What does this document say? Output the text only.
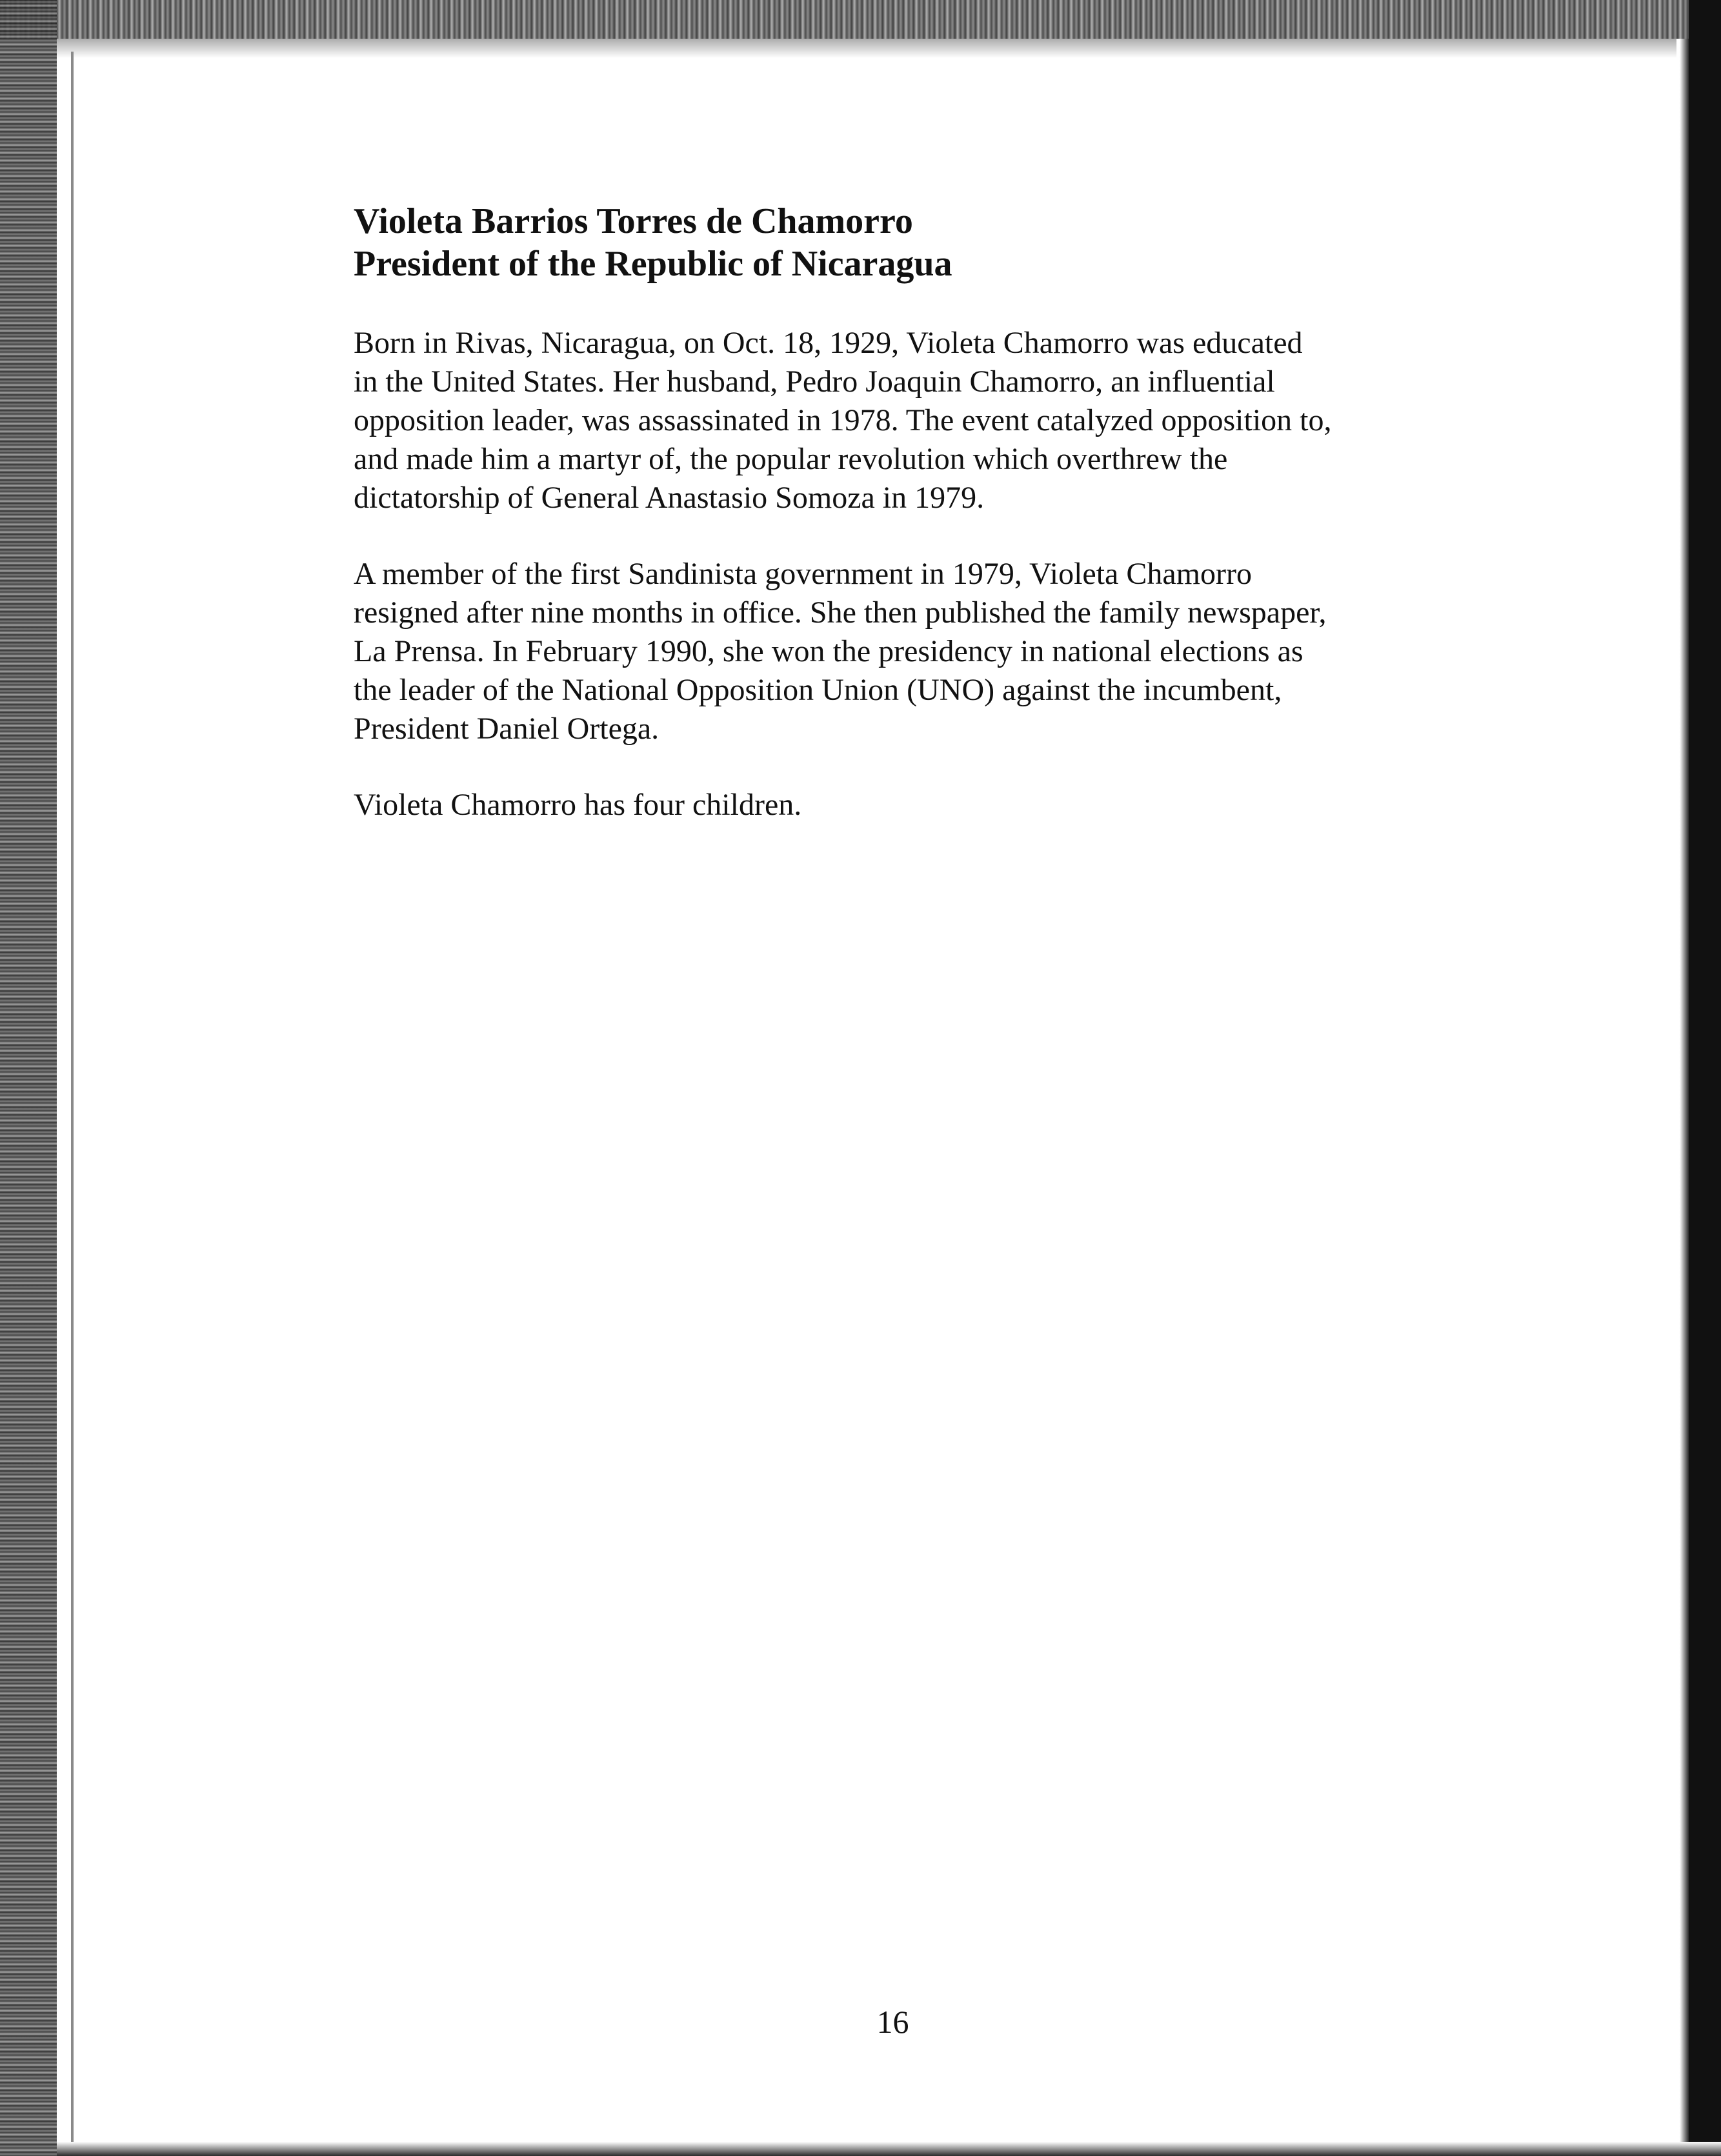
Violeta Barrios Torres de Chamorro
President of the Republic of Nicaragua

Born in Rivas, Nicaragua, on Oct. 18, 1929, Violeta Chamorro was educated
in the United States. Her husband, Pedro Joaquin Chamorro, an influential
opposition leader, was assassinated in 1978. The event catalyzed opposition to,
and made him a martyr of, the popular revolution which overthrew the
dictatorship of General Anastasio Somoza in 1979.

A member of the first Sandinista government in 1979, Violeta Chamorro
resigned after nine months in office. She then published the family newspaper,
La Prensa. In February 1990, she won the presidency in national elections as
the leader of the National Opposition Union (UNO) against the incumbent,
President Daniel Ortega.

Violeta Chamorro has four children.

16
